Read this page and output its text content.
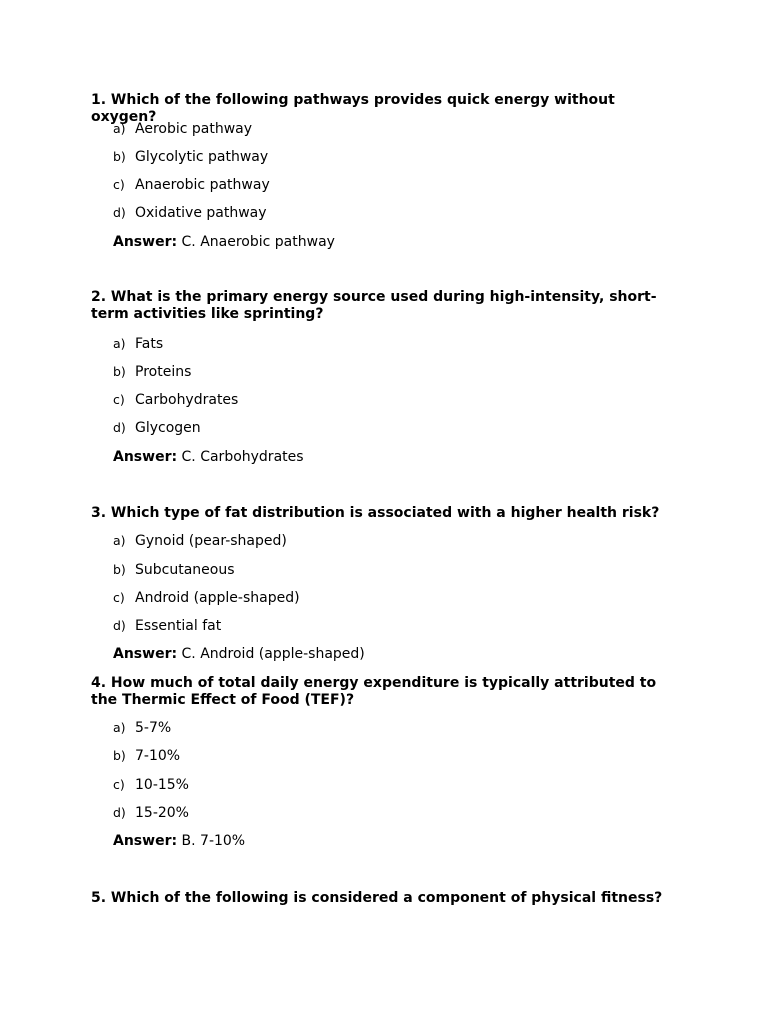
1. Which of the following pathways provides quick energy without oxygen?

a) Aerobic pathway
b) Glycolytic pathway
c) Anaerobic pathway
d) Oxidative pathway
Answer: C. Anaerobic pathway

2. What is the primary energy source used during high-intensity, short-term activities like sprinting?

a) Fats
b) Proteins
c) Carbohydrates
d) Glycogen
Answer: C. Carbohydrates

3. Which type of fat distribution is associated with a higher health risk?

a) Gynoid (pear-shaped)
b) Subcutaneous
c) Android (apple-shaped)
d) Essential fat
Answer: C. Android (apple-shaped)

4. How much of total daily energy expenditure is typically attributed to the Thermic Effect of Food (TEF)?

a) 5-7%
b) 7-10%
c) 10-15%
d) 15-20%
Answer: B. 7-10%

5. Which of the following is considered a component of physical fitness?
